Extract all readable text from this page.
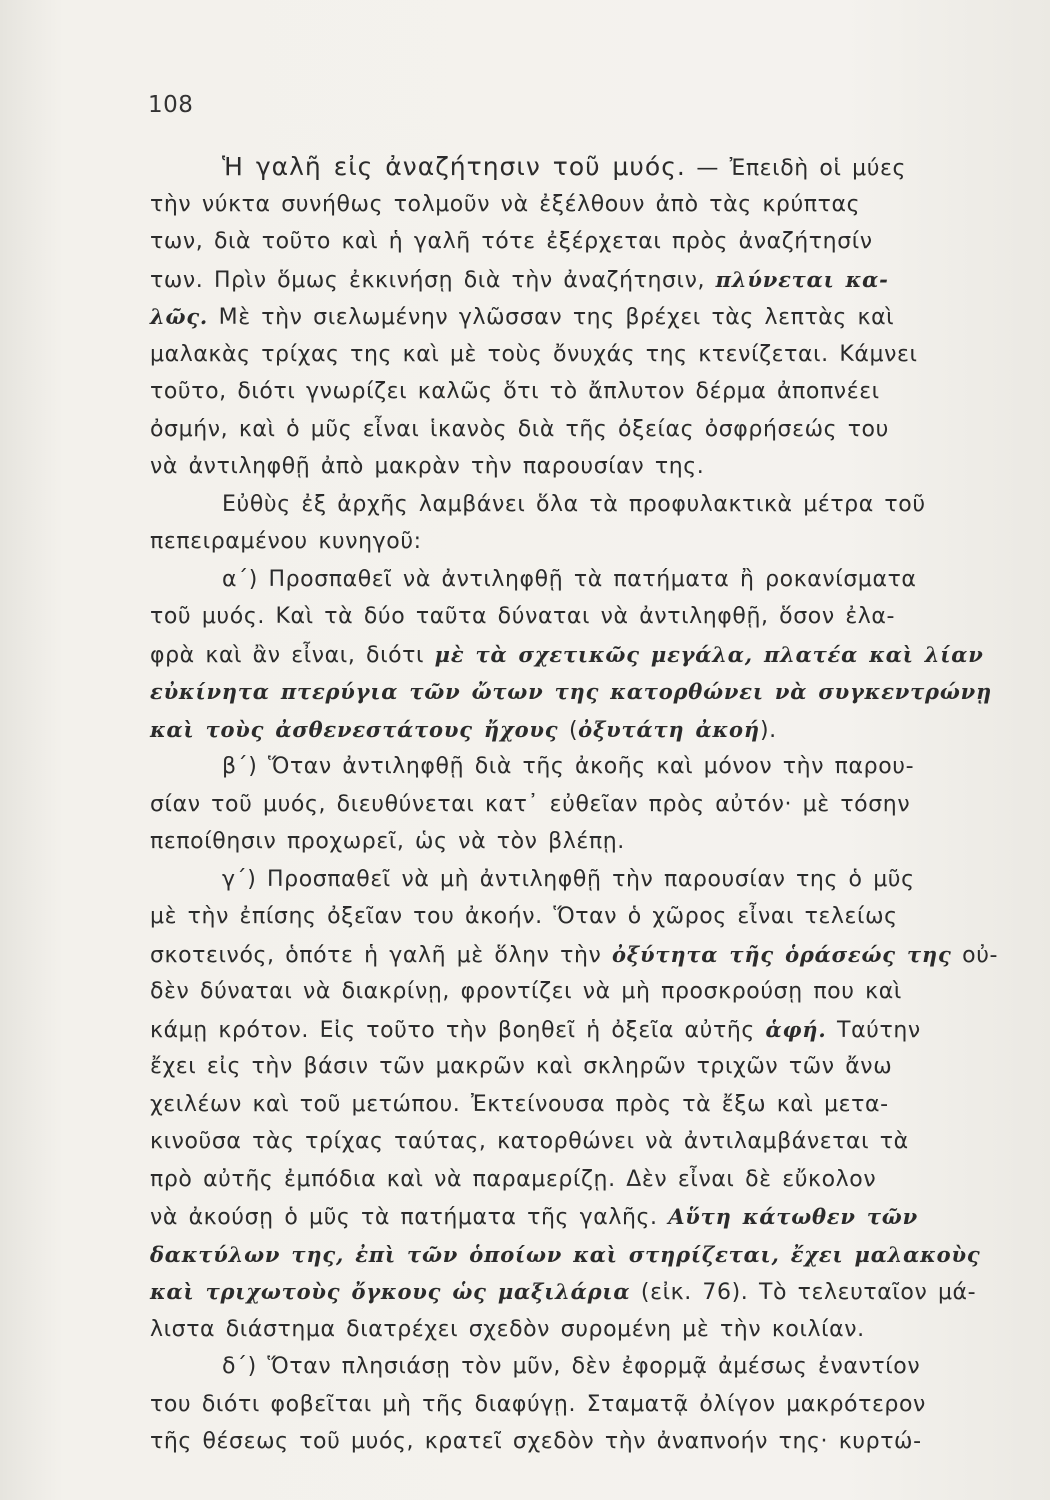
108
Ἡ γαλῆ εἰς ἀναζήτησιν τοῦ μυός. — Ἐπειδὴ οἱ μύες
τὴν νύκτα συνήθως τολμοῦν νὰ ἐξέλθουν ἀπὸ τὰς κρύπτας
των, διὰ τοῦτο καὶ ἡ γαλῆ τότε ἐξέρχεται πρὸς ἀναζήτησίν
των. Πρὶν ὅμως ἐκκινήσῃ διὰ τὴν ἀναζήτησιν, πλύνεται κα-
λῶς. Μὲ τὴν σιελωμένην γλῶσσαν της βρέχει τὰς λεπτὰς καὶ
μαλακὰς τρίχας της καὶ μὲ τοὺς ὄνυχάς της κτενίζεται. Κάμνει
τοῦτο, διότι γνωρίζει καλῶς ὅτι τὸ ἄπλυτον δέρμα ἀποπνέει
ὀσμήν, καὶ ὁ μῦς εἶναι ἱκανὸς διὰ τῆς ὀξείας ὀσφρήσεώς του
νὰ ἀντιληφθῇ ἀπὸ μακρὰν τὴν παρουσίαν της.
Εὐθὺς ἐξ ἀρχῆς λαμβάνει ὅλα τὰ προφυλακτικὰ μέτρα τοῦ
πεπειραμένου κυνηγοῦ:
α΄) Προσπαθεῖ νὰ ἀντιληφθῇ τὰ πατήματα ἢ ροκανίσματα
τοῦ μυός. Καὶ τὰ δύο ταῦτα δύναται νὰ ἀντιληφθῇ, ὅσον ἐλα-
φρὰ καὶ ἂν εἶναι, διότι μὲ τὰ σχετικῶς μεγάλα, πλατέα καὶ λίαν
εὐκίνητα πτερύγια τῶν ὤτων της κατορθώνει νὰ συγκεντρώνῃ
καὶ τοὺς ἀσθενεστάτους ἤχους (ὀξυτάτη ἀκοή).
β΄) Ὅταν ἀντιληφθῇ διὰ τῆς ἀκοῆς καὶ μόνον τὴν παρου-
σίαν τοῦ μυός, διευθύνεται κατ᾽ εὐθεῖαν πρὸς αὐτόν· μὲ τόσην
πεποίθησιν προχωρεῖ, ὡς νὰ τὸν βλέπῃ.
γ΄) Προσπαθεῖ νὰ μὴ ἀντιληφθῇ τὴν παρουσίαν της ὁ μῦς
μὲ τὴν ἐπίσης ὀξεῖαν του ἀκοήν. Ὅταν ὁ χῶρος εἶναι τελείως
σκοτεινός, ὁπότε ἡ γαλῆ μὲ ὅλην τὴν ὀξύτητα τῆς ὁράσεώς της οὐ-
δὲν δύναται νὰ διακρίνῃ, φροντίζει νὰ μὴ προσκρούσῃ που καὶ
κάμῃ κρότον. Εἰς τοῦτο τὴν βοηθεῖ ἡ ὀξεῖα αὐτῆς ἁφή. Ταύτην
ἔχει εἰς τὴν βάσιν τῶν μακρῶν καὶ σκληρῶν τριχῶν τῶν ἄνω
χειλέων καὶ τοῦ μετώπου. Ἐκτείνουσα πρὸς τὰ ἔξω καὶ μετα-
κινοῦσα τὰς τρίχας ταύτας, κατορθώνει νὰ ἀντιλαμβάνεται τὰ
πρὸ αὐτῆς ἐμπόδια καὶ νὰ παραμερίζῃ. Δὲν εἶναι δὲ εὔκολον
νὰ ἀκούσῃ ὁ μῦς τὰ πατήματα τῆς γαλῆς. Αὕτη κάτωθεν τῶν
δακτύλων της, ἐπὶ τῶν ὁποίων καὶ στηρίζεται, ἔχει μαλακοὺς
καὶ τριχωτοὺς ὄγκους ὡς μαξιλάρια (εἰκ. 76). Τὸ τελευταῖον μά-
λιστα διάστημα διατρέχει σχεδὸν συρομένη μὲ τὴν κοιλίαν.
δ΄) Ὅταν πλησιάσῃ τὸν μῦν, δὲν ἐφορμᾷ ἀμέσως ἐναντίον
του διότι φοβεῖται μὴ τῆς διαφύγῃ. Σταματᾷ ὀλίγον μακρότερον
τῆς θέσεως τοῦ μυός, κρατεῖ σχεδὸν τὴν ἀναπνοήν της· κυρτώ-
